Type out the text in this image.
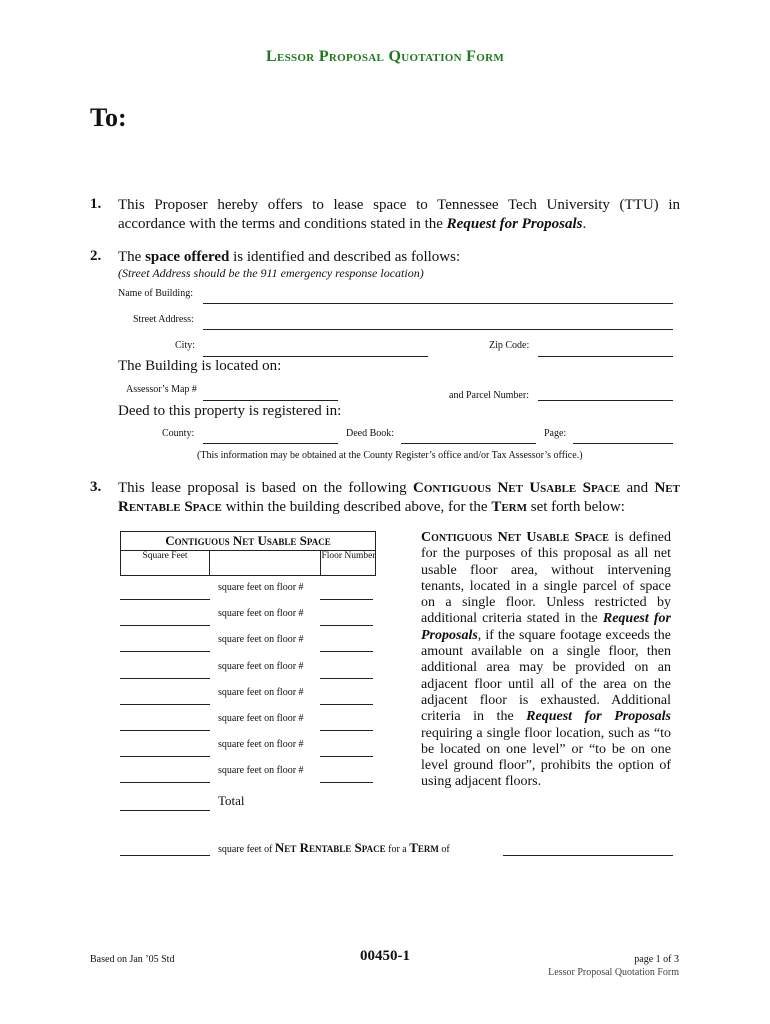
Lessor Proposal Quotation Form
To:
1. This Proposer hereby offers to lease space to Tennessee Tech University (TTU) in accordance with the terms and conditions stated in the Request for Proposals.
2. The space offered is identified and described as follows:
(Street Address should be the 911 emergency response location)
Name of Building:
Street Address:
City:	Zip Code:
The Building is located on:
Assessor’s Map #
and Parcel Number:
Deed to this property is registered in:
County:	Deed Book:	Page:
(This information may be obtained at the County Register’s office and/or Tax Assessor’s office.)
3. This lease proposal is based on the following Contiguous Net Usable Space and Net Rentable Space within the building described above, for the Term set forth below:
Contiguous Net Usable Space
Square Feet	Floor Number
square feet on floor #
square feet on floor #
square feet on floor #
square feet on floor #
square feet on floor #
square feet on floor #
square feet on floor #
square feet on floor #
Total
Contiguous Net Usable Space is defined for the purposes of this proposal as all net usable floor area, without intervening tenants, located in a single parcel of space on a single floor. Unless restricted by additional criteria stated in the Request for Proposals, if the square footage exceeds the amount available on a single floor, then additional area may be provided on an adjacent floor until all of the area on the adjacent floor is exhausted. Additional criteria in the Request for Proposals requiring a single floor location, such as “to be located on one level” or “to be on one level ground floor”, prohibits the option of using adjacent floors.
square feet of Net Rentable Space for a Term of
Based on Jan ’05 Std	00450-1	page 1 of 3
Lessor Proposal Quotation Form
